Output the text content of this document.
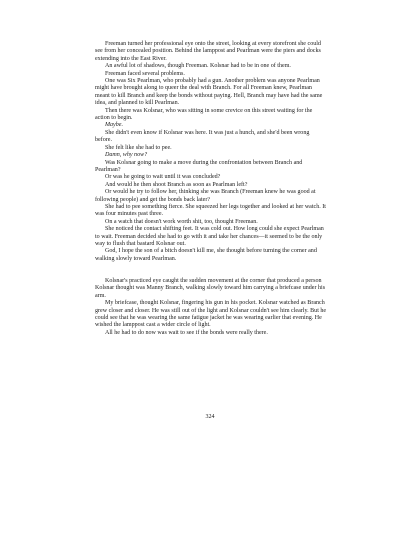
Freeman turned her professional eye onto the street, looking at every storefront she could see from her concealed position. Behind the lamppost and Pearlman were the piers and docks extending into the East River.

An awful lot of shadows, though Freeman. Kolsnar had to be in one of them.

Freeman faced several problems.

One was Six Pearlman, who probably had a gun. Another problem was anyone Pearlman might have brought along to queer the deal with Branch. For all Freeman knew, Pearlman meant to kill Branch and keep the bonds without paying. Hell, Branch may have had the same idea, and planned to kill Pearlman.

Then there was Kolsnar, who was sitting in some crevice on this street waiting for the action to begin.

Maybe.

She didn't even know if Kolsnar was here. It was just a hunch, and she'd been wrong before.

She felt like she had to pee.

Damn, why now?

Was Kolsnar going to make a move during the confrontation between Branch and Pearlman?

Or was he going to wait until it was concluded?

And would he then shoot Branch as soon as Pearlman left?

Or would he try to follow her, thinking she was Branch (Freeman knew he was good at following people) and get the bonds back later?

She had to pee something fierce. She squeezed her legs together and looked at her watch. It was four minutes past three.

On a watch that doesn't work worth shit, too, thought Freeman.

She noticed the contact shifting feet. It was cold out. How long could she expect Pearlman to wait. Freeman decided she had to go with it and take her chances—it seemed to be the only way to flush that bastard Kolsnar out.

God, I hope the son of a bitch doesn't kill me, she thought before turning the corner and walking slowly toward Pearlman.

Kolsnar's practiced eye caught the sudden movement at the corner that produced a person Kolsnar thought was Manny Branch, walking slowly toward him carrying a briefcase under his arm.

My briefcase, thought Kolsnar, fingering his gun in his pocket. Kolsnar watched as Branch grew closer and closer. He was still out of the light and Kolsnar couldn't see him clearly. But he could see that he was wearing the same fatigue jacket he was wearing earlier that evening. He wished the lamppost cast a wider circle of light.

All he had to do now was wait to see if the bonds were really there.

324
